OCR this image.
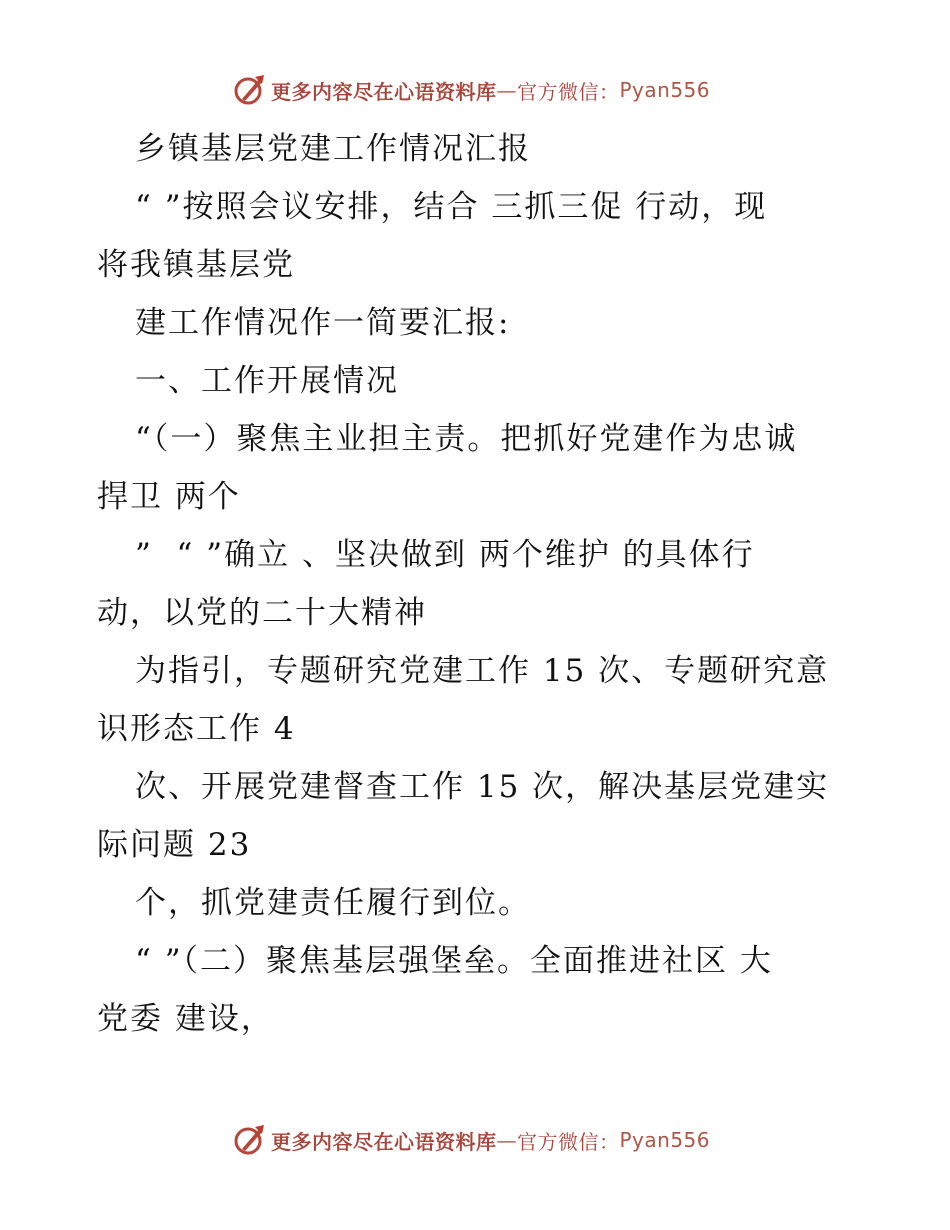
更多内容尽在心语资料库 — 官方微信： Pyan556
乡镇基层党建工作情况汇报
“ ”按照会议安排，结合 三抓三促 行动，现
将我镇基层党
建工作情况作一简要汇报:
一、工作开展情况
“（一）聚焦主业担主责。把抓好党建作为忠诚
捍卫 两个
”  “ ”确立 、坚决做到 两个维护 的具体行
动，以党的二十大精神
为指引，专题研究党建工作 15 次、专题研究意
识形态工作 4
次、开展党建督查工作 15 次，解决基层党建实
际问题 23
个，抓党建责任履行到位。
“ ”（二）聚焦基层强堡垒。全面推进社区 大
党委 建设，
更多内容尽在心语资料库 — 官方微信： Pyan556
